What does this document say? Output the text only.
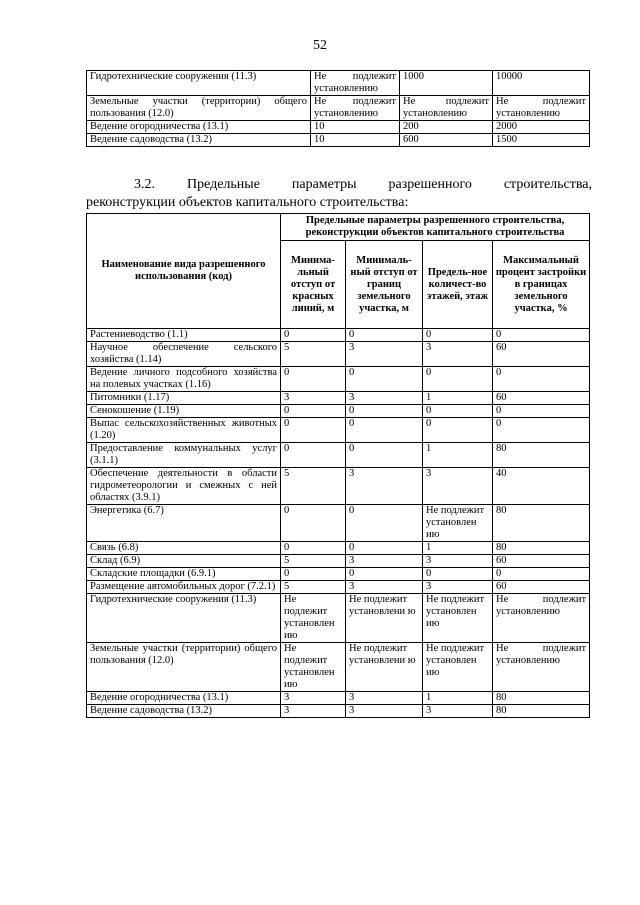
52
Гидротехнические сооружения (11.3)	Не подлежит установлению	1000	10000
Земельные участки (территории) общего пользования (12.0)	Не подлежит установлению	Не подлежит установлению	Не подлежит установлению
Ведение огородничества (13.1)	10	200	2000
Ведение садоводства (13.2)	10	600	1500
3.2. Предельные параметры разрешенного строительства,
реконструкции объектов капитального строительства:
Наименование вида разрешенного использования (код)	Предельные параметры разрешенного строительства, реконструкции объектов капитального строительства			
	Минима-льный отступ от красных линий, м	Минималь-ный отступ от границ земельного участка, м	Предель-ное количест-во этажей, этаж	Максимальный процент застройки в границах земельного участка, %
Растениеводство (1.1)	0	0	0	0
Научное обеспечение сельского хозяйства (1.14)	5	3	3	60
Ведение личного подсобного хозяйства на полевых участках (1.16)	0	0	0	0
Питомники (1.17)	3	3	1	60
Сенокошение (1.19)	0	0	0	0
Выпас сельскохозяйственных животных (1.20)	0	0	0	0
Предоставление коммунальных услуг (3.1.1)	0	0	1	80
Обеспечение деятельности в области гидрометеорологии и смежных с ней областях (3.9.1)	5	3	3	40
Энергетика (6.7)	0	0	Не подлежит установлен ию	80
Связь (6.8)	0	0	1	80
Склад (6.9)	5	3	3	60
Складские площадки (6.9.1)	0	0	0	0
Размещение автомобильных дорог (7.2.1)	5	3	3	60
Гидротехнические сооружения (11.3)	Не подлежит установлен ию	Не подлежит установлени ю	Не подлежит установлен ию	Не подлежит установлению
Земельные участки (территории) общего пользования (12.0)	Не подлежит установлен ию	Не подлежит установлени ю	Не подлежит установлен ию	Не подлежит установлению
Ведение огородничества (13.1)	3	3	1	80
Ведение садоводства (13.2)	3	3	3	80
